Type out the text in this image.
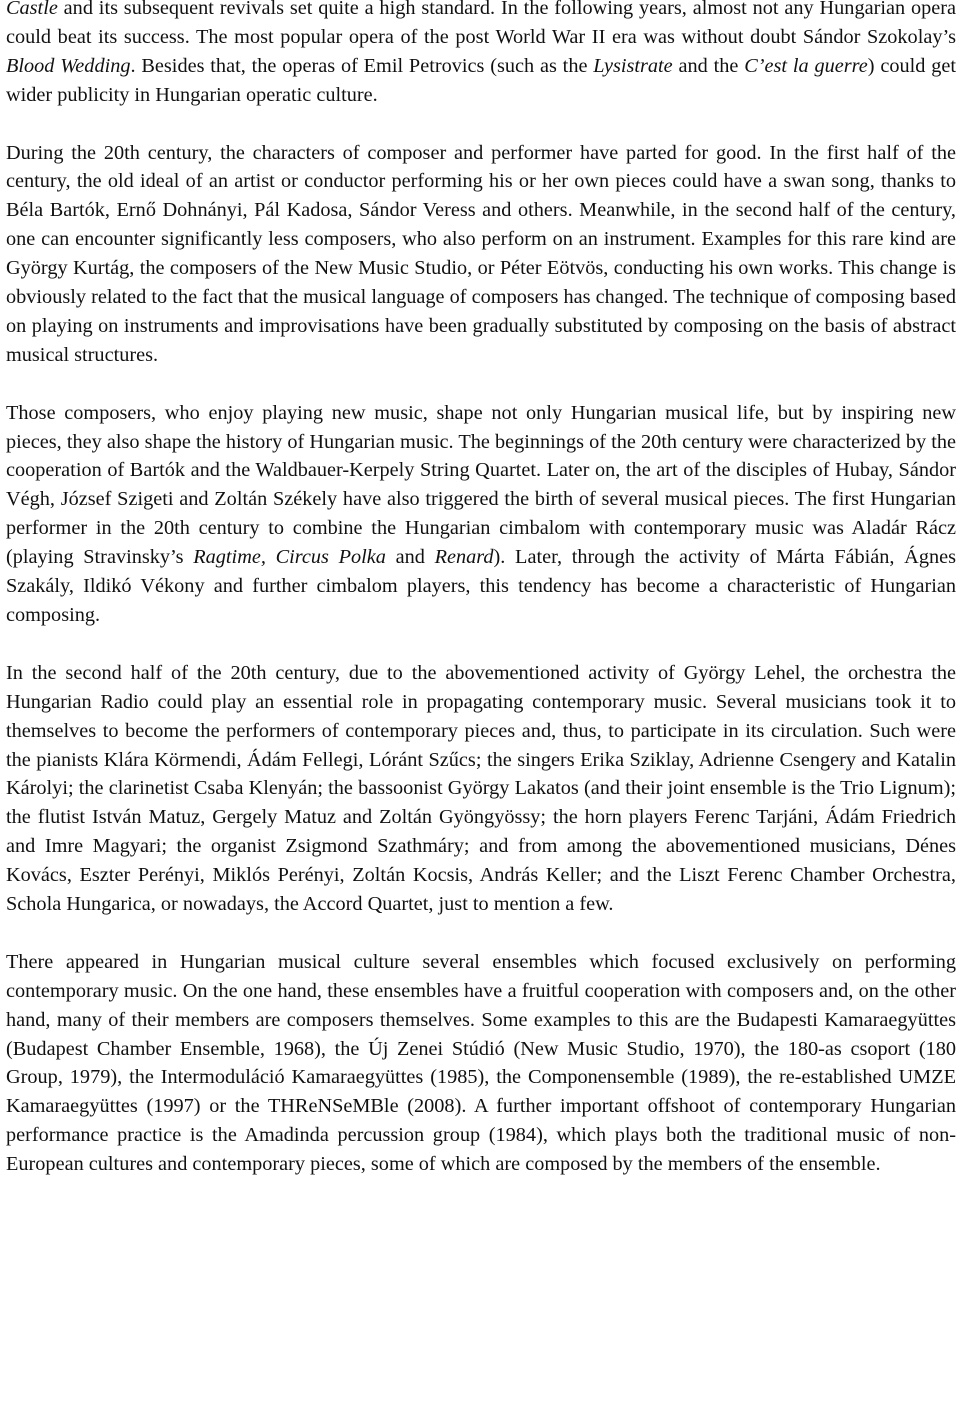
Castle and its subsequent revivals set quite a high standard. In the following years, almost not any Hungarian opera could beat its success. The most popular opera of the post World War II era was without doubt Sándor Szokolay’s Blood Wedding. Besides that, the operas of Emil Petrovics (such as the Lysistrate and the C’est la guerre) could get wider publicity in Hungarian operatic culture.

During the 20th century, the characters of composer and performer have parted for good. In the first half of the century, the old ideal of an artist or conductor performing his or her own pieces could have a swan song, thanks to Béla Bartók, Ernő Dohnányi, Pál Kadosa, Sándor Veress and others. Meanwhile, in the second half of the century, one can encounter significantly less composers, who also perform on an instrument. Examples for this rare kind are György Kurtág, the composers of the New Music Studio, or Péter Eötvös, conducting his own works. This change is obviously related to the fact that the musical language of composers has changed. The technique of composing based on playing on instruments and improvisations have been gradually substituted by composing on the basis of abstract musical structures.

Those composers, who enjoy playing new music, shape not only Hungarian musical life, but by inspiring new pieces, they also shape the history of Hungarian music. The beginnings of the 20th century were characterized by the cooperation of Bartók and the Waldbauer-Kerpely String Quartet. Later on, the art of the disciples of Hubay, Sándor Végh, József Szigeti and Zoltán Székely have also triggered the birth of several musical pieces. The first Hungarian performer in the 20th century to combine the Hungarian cimbalom with contemporary music was Aladár Rácz (playing Stravinsky’s Ragtime, Circus Polka and Renard). Later, through the activity of Márta Fábián, Ágnes Szakály, Ildikó Vékony and further cimbalom players, this tendency has become a characteristic of Hungarian composing.

In the second half of the 20th century, due to the abovementioned activity of György Lehel, the orchestra the Hungarian Radio could play an essential role in propagating contemporary music. Several musicians took it to themselves to become the performers of contemporary pieces and, thus, to participate in its circulation. Such were the pianists Klára Körmendi, Ádám Fellegi, Lóránt Szűcs; the singers Erika Sziklay, Adrienne Csengery and Katalin Károlyi; the clarinetist Csaba Klenyán; the bassoonist György Lakatos (and their joint ensemble is the Trio Lignum); the flutist István Matuz, Gergely Matuz and Zoltán Gyöngyössy; the horn players Ferenc Tarjáni, Ádám Friedrich and Imre Magyari; the organist Zsigmond Szathmáry; and from among the abovementioned musicians, Dénes Kovács, Eszter Perényi, Miklós Perényi, Zoltán Kocsis, András Keller; and the Liszt Ferenc Chamber Orchestra, Schola Hungarica, or nowadays, the Accord Quartet, just to mention a few.

There appeared in Hungarian musical culture several ensembles which focused exclusively on performing contemporary music. On the one hand, these ensembles have a fruitful cooperation with composers and, on the other hand, many of their members are composers themselves. Some examples to this are the Budapesti Kamaraegyüttes (Budapest Chamber Ensemble, 1968), the Új Zenei Stúdió (New Music Studio, 1970), the 180-as csoport (180 Group, 1979), the Intermoduláció Kamaraegyüttes (1985), the Componensemble (1989), the re-established UMZE Kamaraegyüttes (1997) or the THReNSeMBle (2008). A further important offshoot of contemporary Hungarian performance practice is the Amadinda percussion group (1984), which plays both the traditional music of non-European cultures and contemporary pieces, some of which are composed by the members of the ensemble.
